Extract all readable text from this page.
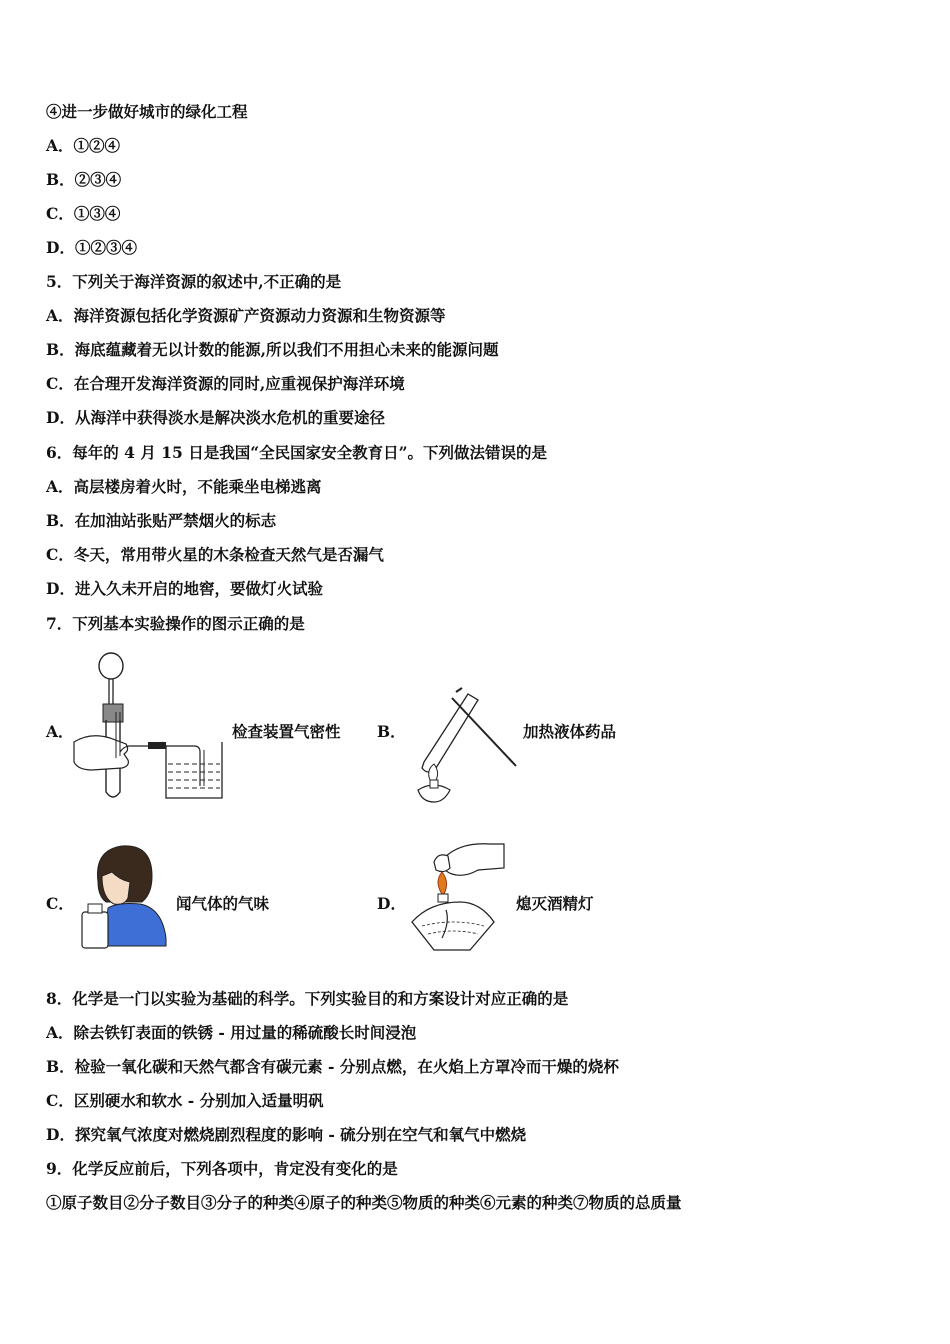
④进一步做好城市的绿化工程
A．①②④
B．②③④
C．①③④
D．①②③④
5．下列关于海洋资源的叙述中,不正确的是
A．海洋资源包括化学资源矿产资源动力资源和生物资源等
B．海底蕴藏着无以计数的能源,所以我们不用担心未来的能源问题
C．在合理开发海洋资源的同时,应重视保护海洋环境
D．从海洋中获得淡水是解决淡水危机的重要途径
6．每年的 4 月 15 日是我国“全民国家安全教育日”。下列做法错误的是
A．高层楼房着火时，不能乘坐电梯逃离
B．在加油站张贴严禁烟火的标志
C．冬天，常用带火星的木条检查天然气是否漏气
D．进入久未开启的地窖，要做灯火试验
7．下列基本实验操作的图示正确的是
A．	检查装置气密性 B．	加热液体药品
C．	闻气体的气味	D．	熄灭酒精灯
8．化学是一门以实验为基础的科学。下列实验目的和方案设计对应正确的是
A．除去铁钉表面的铁锈 - 用过量的稀硫酸长时间浸泡
B．检验一氧化碳和天然气都含有碳元素 - 分别点燃，在火焰上方罩冷而干燥的烧杯
C．区别硬水和软水 - 分别加入适量明矾
D．探究氧气浓度对燃烧剧烈程度的影响 - 硫分别在空气和氧气中燃烧
9．化学反应前后，下列各项中，肯定没有变化的是
①原子数目②分子数目③分子的种类④原子的种类⑤物质的种类⑥元素的种类⑦物质的总质量
